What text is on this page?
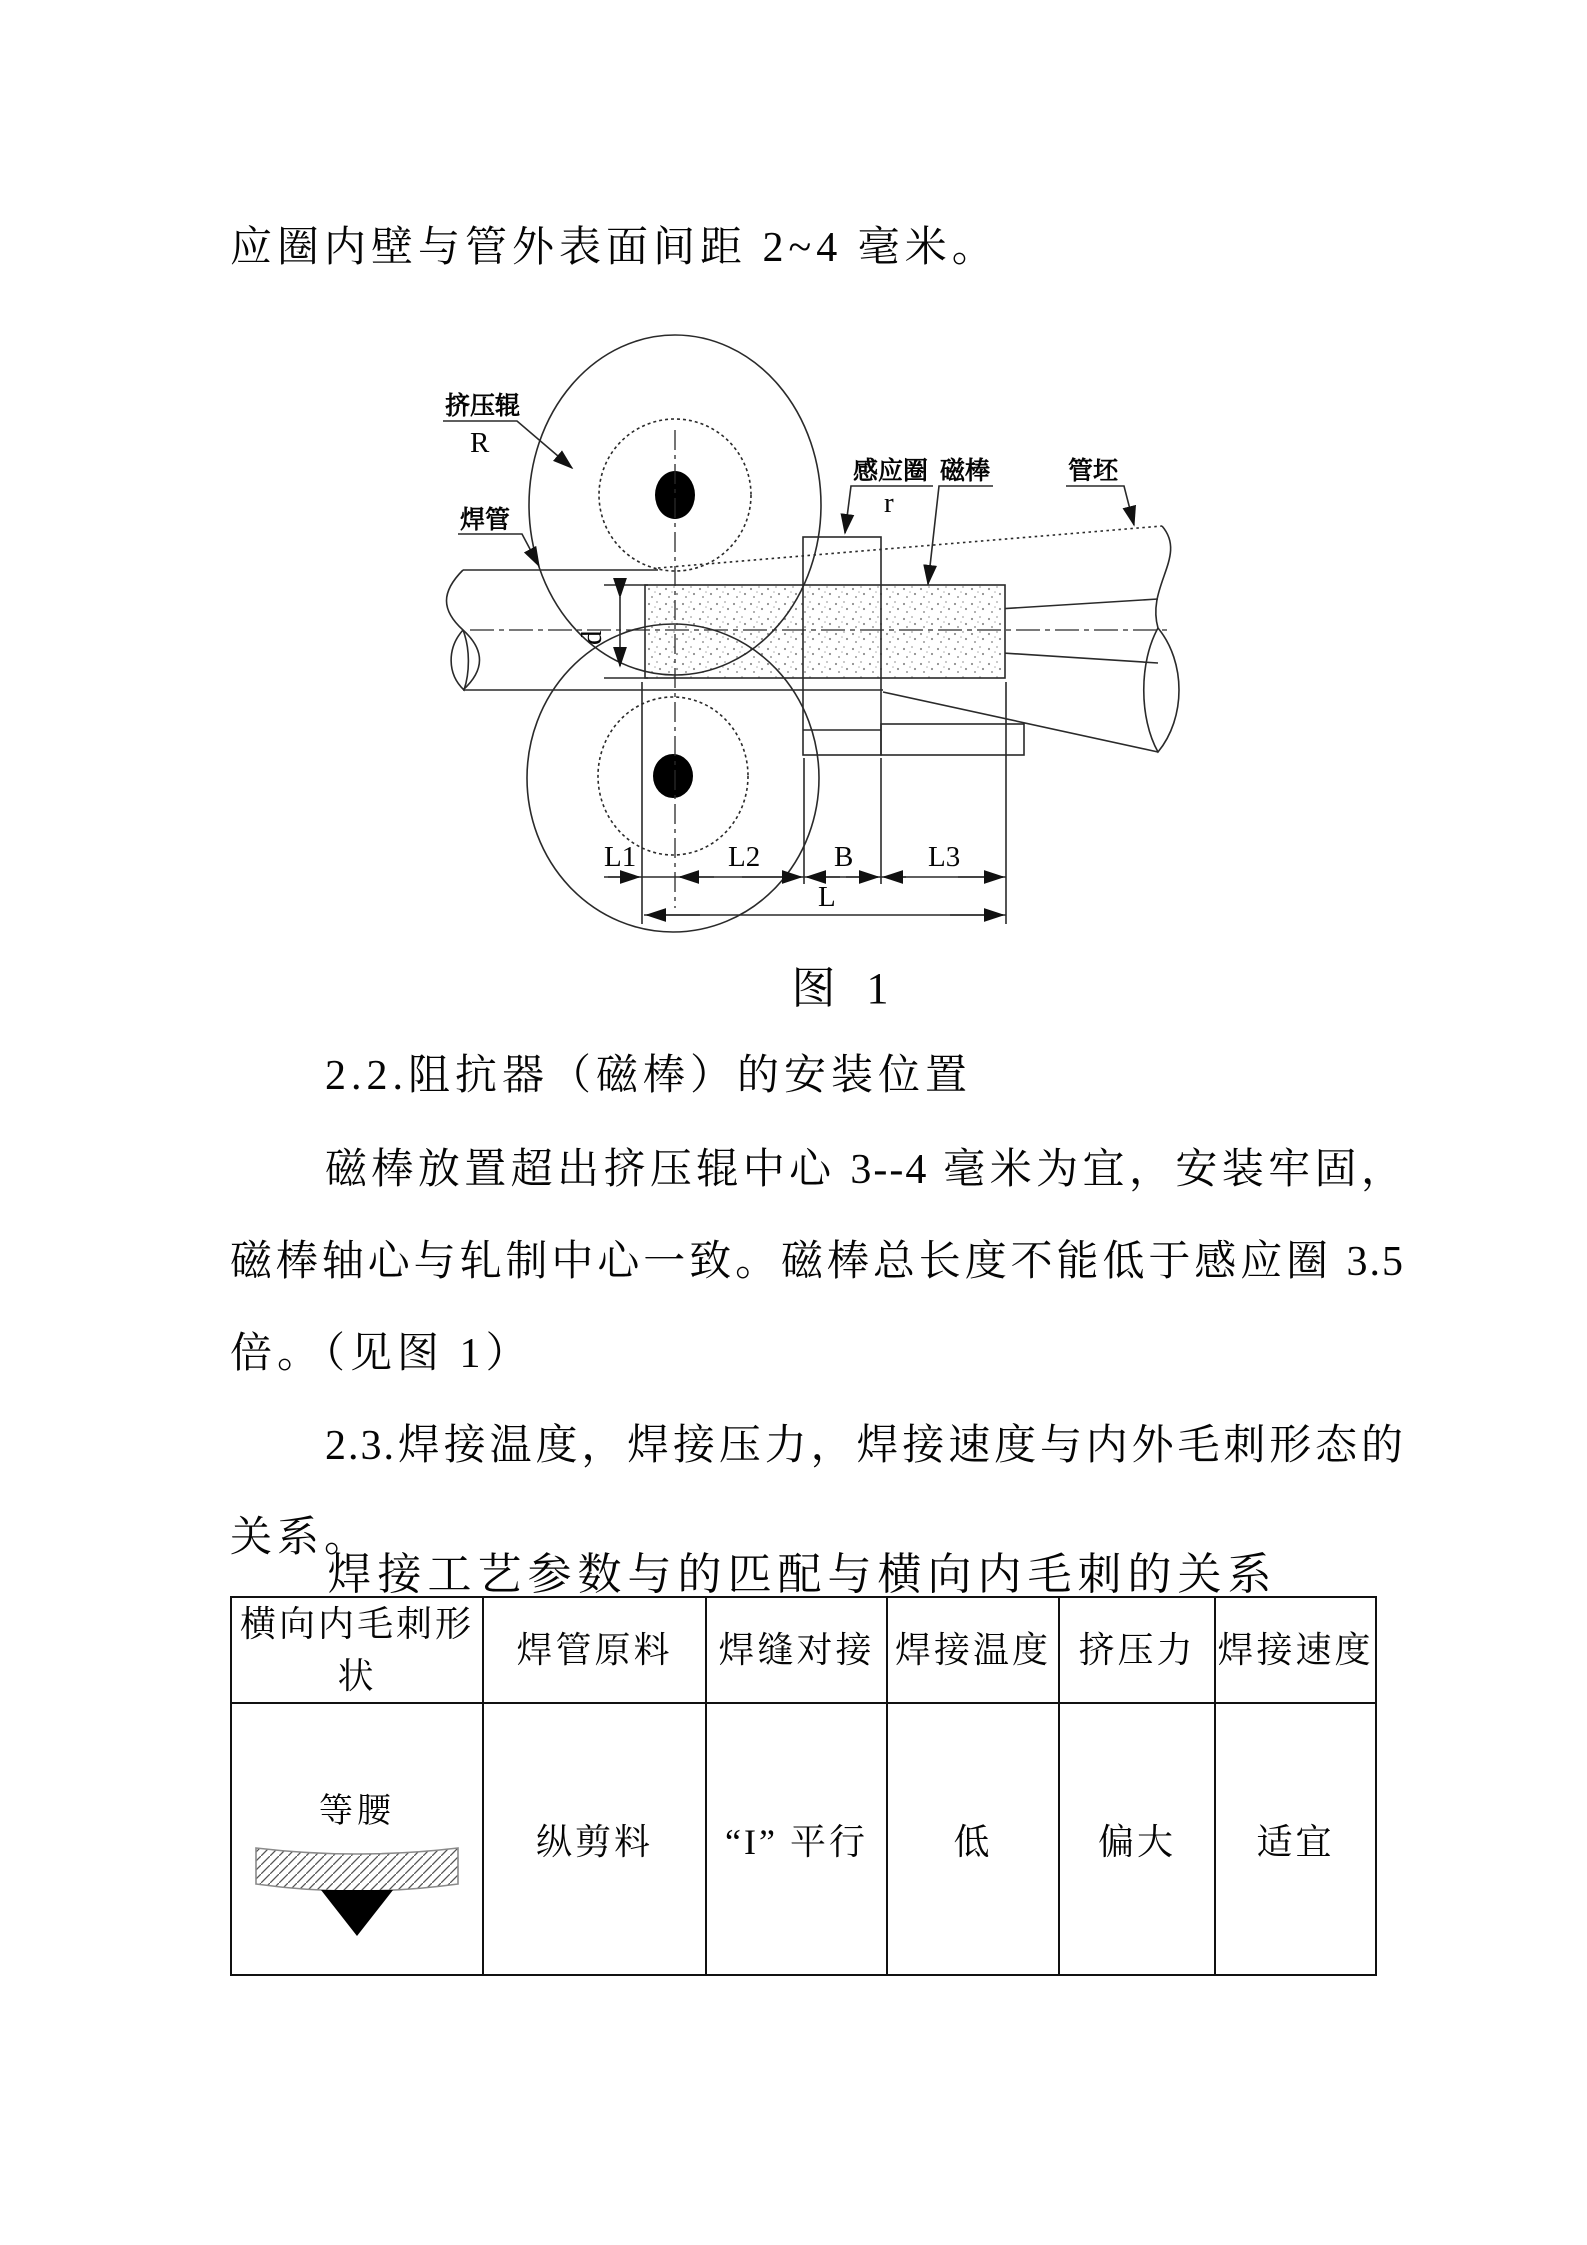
应圈内壁与管外表面间距 2~4 毫米。
挤压辊
R
焊管
感应圈
r
磁棒	管坯
d
L1	L2	B	L3
L
图 1
2.2.阻抗器（磁棒）的安装位置
磁棒放置超出挤压辊中心 3--4 毫米为宜，安装牢固，
磁棒轴心与轧制中心一致。磁棒总长度不能低于感应圈 3.5
倍。（见图 1）
2.3.焊接温度，焊接压力，焊接速度与内外毛刺形态的
关系。
焊接工艺参数与的匹配与横向内毛刺的关系
横向内毛刺形状	焊管原料	焊缝对接	焊接温度	挤压力	焊接速度

等腰	纵剪料	“I” 平行	低	偏大	适宜
